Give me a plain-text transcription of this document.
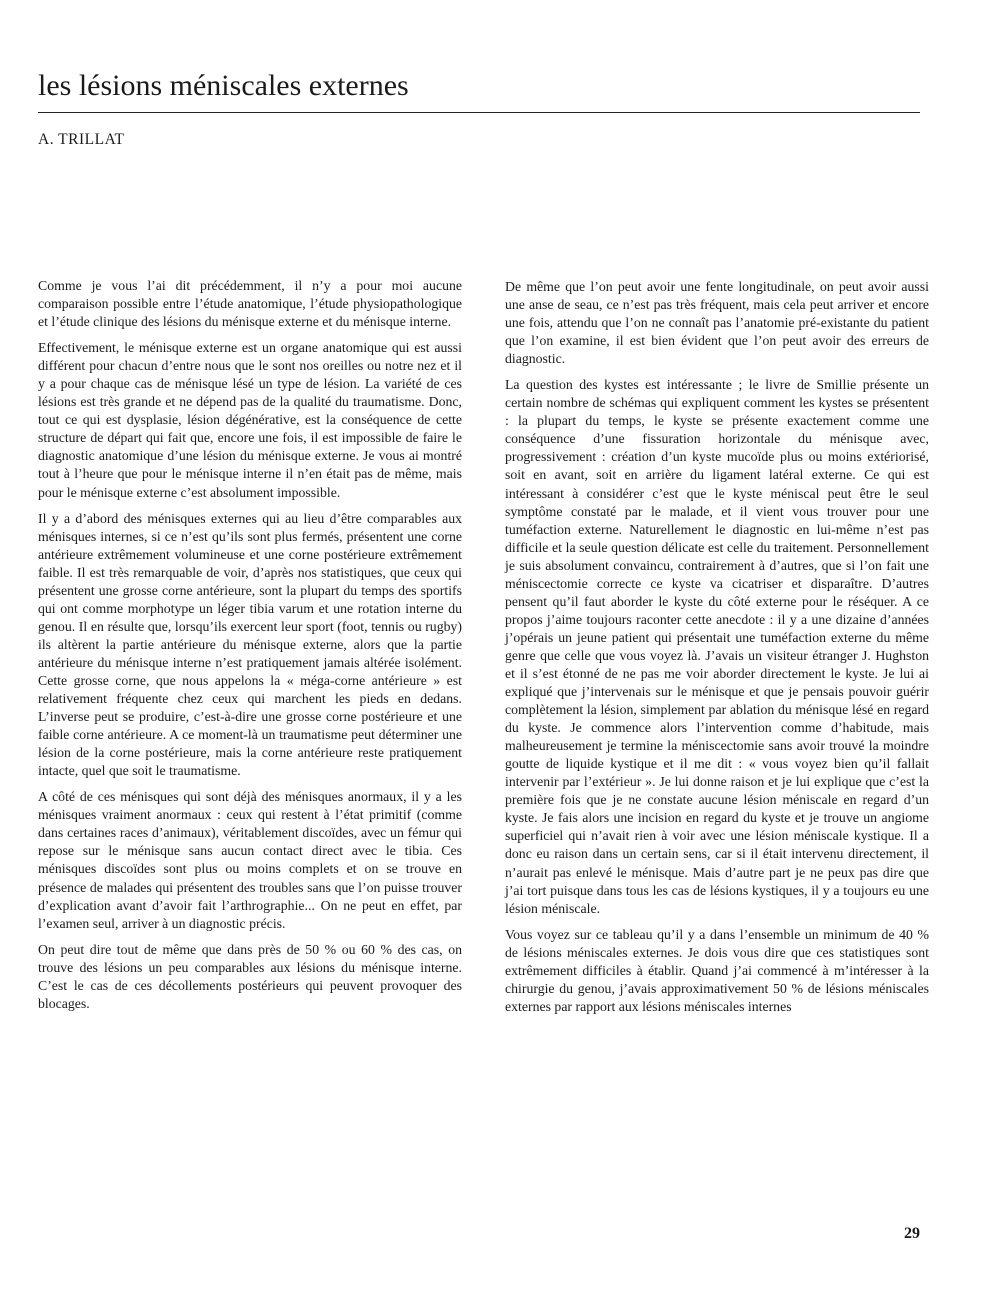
les lésions méniscales externes
A. TRILLAT

Comme je vous l’ai dit précédemment, il n’y a pour moi aucune comparaison possible entre l’étude anatomique, l’étude physiopathologique et l’étude clinique des lésions du ménisque externe et du ménisque interne.

Effectivement, le ménisque externe est un organe anatomique qui est aussi différent pour chacun d’entre nous que le sont nos oreilles ou notre nez et il y a pour chaque cas de ménisque lésé un type de lésion. La variété de ces lésions est très grande et ne dépend pas de la qualité du traumatisme. Donc, tout ce qui est dysplasie, lésion dégénérative, est la conséquence de cette structure de départ qui fait que, encore une fois, il est impossible de faire le diagnostic anatomique d’une lésion du ménisque externe. Je vous ai montré tout à l’heure que pour le ménisque interne il n’en était pas de même, mais pour le ménisque externe c’est absolument impossible.

Il y a d’abord des ménisques externes qui au lieu d’être comparables aux ménisques internes, si ce n’est qu’ils sont plus fermés, présentent une corne antérieure extrêmement volumineuse et une corne postérieure extrêmement faible. Il est très remarquable de voir, d’après nos statistiques, que ceux qui présentent une grosse corne antérieure, sont la plupart du temps des sportifs qui ont comme morphotype un léger tibia varum et une rotation interne du genou. Il en résulte que, lorsqu’ils exercent leur sport (foot, tennis ou rugby) ils altèrent la partie antérieure du ménisque externe, alors que la partie antérieure du ménisque interne n’est pratiquement jamais altérée isolément. Cette grosse corne, que nous appelons la « méga-corne antérieure » est relativement fréquente chez ceux qui marchent les pieds en dedans. L’inverse peut se produire, c’est-à-dire une grosse corne postérieure et une faible corne antérieure. A ce moment-là un traumatisme peut déterminer une lésion de la corne postérieure, mais la corne antérieure reste pratiquement intacte, quel que soit le traumatisme.

A côté de ces ménisques qui sont déjà des ménisques anormaux, il y a les ménisques vraiment anormaux : ceux qui restent à l’état primitif (comme dans certaines races d’animaux), véritablement discoïdes, avec un fémur qui repose sur le ménisque sans aucun contact direct avec le tibia. Ces ménisques discoïdes sont plus ou moins complets et on se trouve en présence de malades qui présentent des troubles sans que l’on puisse trouver d’explication avant d’avoir fait l’arthrographie... On ne peut en effet, par l’examen seul, arriver à un diagnostic précis.

On peut dire tout de même que dans près de 50 % ou 60 % des cas, on trouve des lésions un peu comparables aux lésions du ménisque interne. C’est le cas de ces décollements postérieurs qui peuvent provoquer des blocages.

De même que l’on peut avoir une fente longitudinale, on peut avoir aussi une anse de seau, ce n’est pas très fréquent, mais cela peut arriver et encore une fois, attendu que l’on ne connaît pas l’anatomie pré-existante du patient que l’on examine, il est bien évident que l’on peut avoir des erreurs de diagnostic.

La question des kystes est intéressante ; le livre de Smillie présente un certain nombre de schémas qui expliquent comment les kystes se présentent : la plupart du temps, le kyste se présente exactement comme une conséquence d’une fissuration horizontale du ménisque avec, progressivement : création d’un kyste mucoïde plus ou moins extériorisé, soit en avant, soit en arrière du ligament latéral externe. Ce qui est intéressant à considérer c’est que le kyste méniscal peut être le seul symptôme constaté par le malade, et il vient vous trouver pour une tuméfaction externe. Naturellement le diagnostic en lui-même n’est pas difficile et la seule question délicate est celle du traitement. Personnellement je suis absolument convaincu, contrairement à d’autres, que si l’on fait une méniscectomie correcte ce kyste va cicatriser et disparaître. D’autres pensent qu’il faut aborder le kyste du côté externe pour le réséquer. A ce propos j’aime toujours raconter cette anecdote : il y a une dizaine d’années j’opérais un jeune patient qui présentait une tuméfaction externe du même genre que celle que vous voyez là. J’avais un visiteur étranger J. Hughston et il s’est étonné de ne pas me voir aborder directement le kyste. Je lui ai expliqué que j’intervenais sur le ménisque et que je pensais pouvoir guérir complètement la lésion, simplement par ablation du ménisque lésé en regard du kyste. Je commence alors l’intervention comme d’habitude, mais malheureusement je termine la méniscectomie sans avoir trouvé la moindre goutte de liquide kystique et il me dit : « vous voyez bien qu’il fallait intervenir par l’extérieur ». Je lui donne raison et je lui explique que c’est la première fois que je ne constate aucune lésion méniscale en regard d’un kyste. Je fais alors une incision en regard du kyste et je trouve un angiome superficiel qui n’avait rien à voir avec une lésion méniscale kystique. Il a donc eu raison dans un certain sens, car si il était intervenu directement, il n’aurait pas enlevé le ménisque. Mais d’autre part je ne peux pas dire que j’ai tort puisque dans tous les cas de lésions kystiques, il y a toujours eu une lésion méniscale.

Vous voyez sur ce tableau qu’il y a dans l’ensemble un minimum de 40 % de lésions méniscales externes. Je dois vous dire que ces statistiques sont extrêmement difficiles à établir. Quand j’ai commencé à m’intéresser à la chirurgie du genou, j’avais approximativement 50 % de lésions méniscales externes par rapport aux lésions méniscales internes

29
